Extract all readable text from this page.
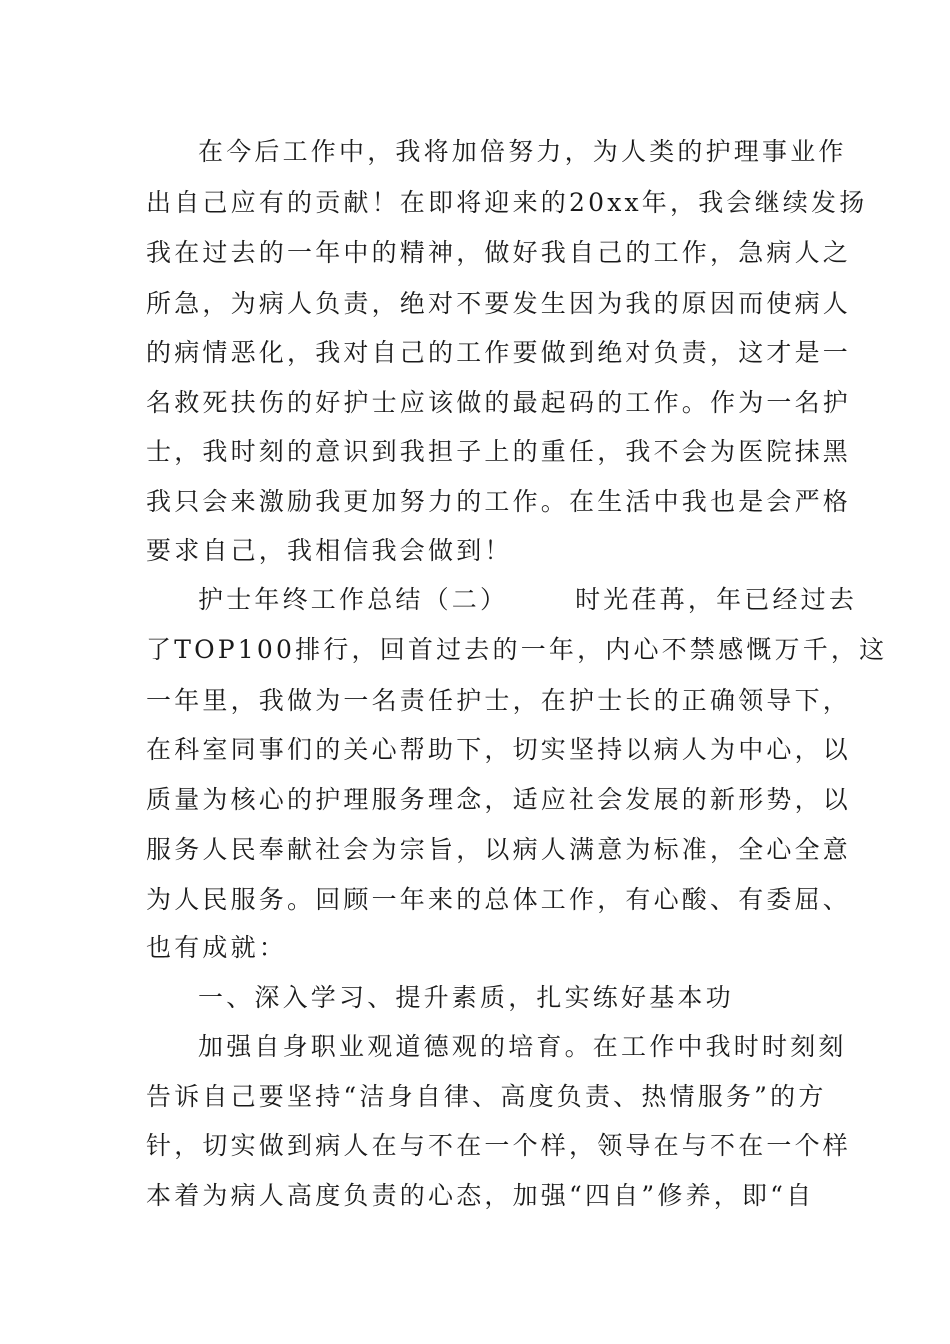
在今后工作中，我将加倍努力，为人类的护理事业作
出自己应有的贡献！在即将迎来的20xx年，我会继续发扬
我在过去的一年中的精神，做好我自己的工作，急病人之
所急，为病人负责，绝对不要发生因为我的原因而使病人
的病情恶化，我对自己的工作要做到绝对负责，这才是一
名救死扶伤的好护士应该做的最起码的工作。作为一名护
士，我时刻的意识到我担子上的重任，我不会为医院抹黑
我只会来激励我更加努力的工作。在生活中我也是会严格
要求自己，我相信我会做到！
护士年终工作总结（二）      时光荏苒，年已经过去
了TOP100排行，回首过去的一年，内心不禁感慨万千，这
一年里，我做为一名责任护士，在护士长的正确领导下，
在科室同事们的关心帮助下，切实坚持以病人为中心，以
质量为核心的护理服务理念，适应社会发展的新形势，以
服务人民奉献社会为宗旨，以病人满意为标准，全心全意
为人民服务。回顾一年来的总体工作，有心酸、有委屈、
也有成就：
一、深入学习、提升素质，扎实练好基本功
加强自身职业观道德观的培育。在工作中我时时刻刻
告诉自己要坚持“洁身自律、高度负责、热情服务”的方
针，切实做到病人在与不在一个样，领导在与不在一个样
本着为病人高度负责的心态，加强“四自”修养，即“自
